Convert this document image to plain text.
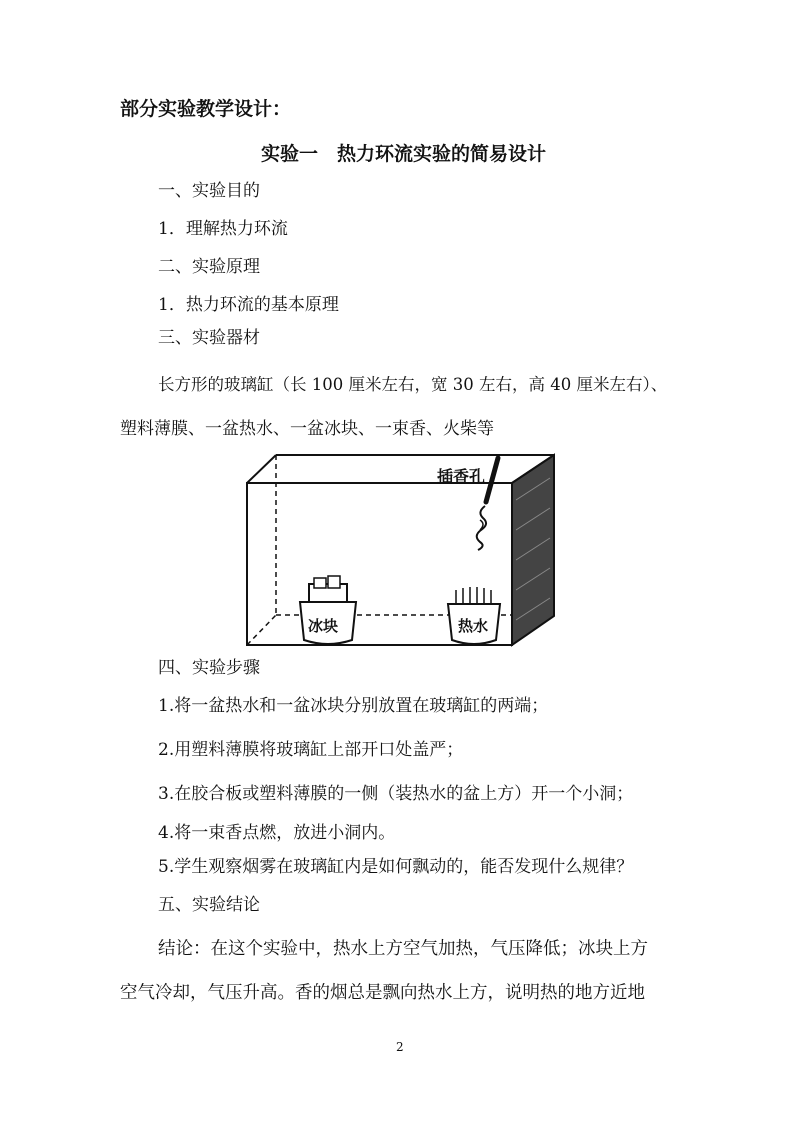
部分实验教学设计：
实验一　热力环流实验的简易设计
一、实验目的
1．理解热力环流
二、实验原理
1．热力环流的基本原理
三、实验器材
长方形的玻璃缸（长 100 厘米左右，宽 30 左右，高 40 厘米左右）、
塑料薄膜、一盆热水、一盆冰块、一束香、火柴等
插香孔
冰块	热水
四、实验步骤
1.将一盆热水和一盆冰块分别放置在玻璃缸的两端；
2.用塑料薄膜将玻璃缸上部开口处盖严；
3.在胶合板或塑料薄膜的一侧（装热水的盆上方）开一个小洞；
4.将一束香点燃，放进小洞内。
5.学生观察烟雾在玻璃缸内是如何飘动的，能否发现什么规律？
五、实验结论
结论：在这个实验中，热水上方空气加热，气压降低；冰块上方
空气冷却，气压升高。香的烟总是飘向热水上方，说明热的地方近地
2
